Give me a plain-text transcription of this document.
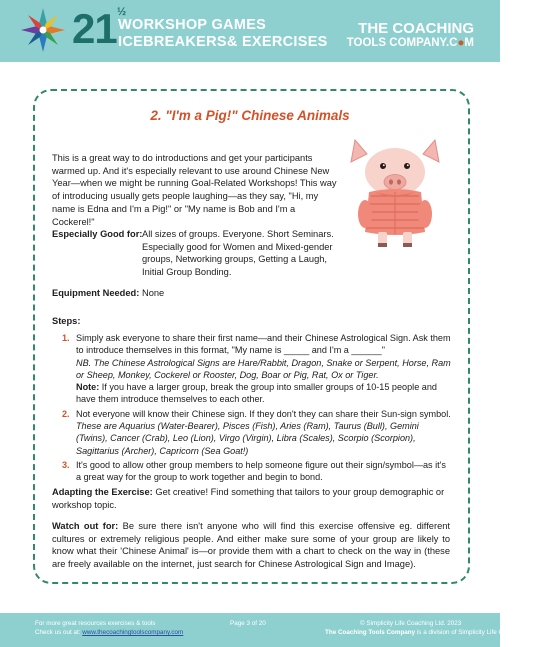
21 ½
WORKSHOP GAMES
ICEBREAKERS& EXERCISES
THE COACHING
TOOLS COMPANY.C●M
2. "I'm a Pig!" Chinese Animals
This is a great way to do introductions and get your participants warmed up. And it's especially relevant to use around Chinese New Year—when we might be running Goal-Related Workshops! This way of introducing usually gets people laughing—as they say, "Hi, my name is Edna and I'm a Pig!" or "My name is Bob and I'm a Cockerel!"
Especially Good for: All sizes of groups. Everyone. Short Seminars. Especially good for Women and Mixed-gender groups, Networking groups, Getting a Laugh, Initial Group Bonding.
Equipment Needed: None
Steps:
1. Simply ask everyone to share their first name—and their Chinese Astrological Sign. Ask them to introduce themselves in this format, "My name is _____ and I'm a ______"
NB. The Chinese Astrological Signs are Hare/Rabbit, Dragon, Snake or Serpent, Horse, Ram or Sheep, Monkey, Cockerel or Rooster, Dog, Boar or Pig, Rat, Ox or Tiger.
Note: If you have a larger group, break the group into smaller groups of 10-15 people and have them introduce themselves to each other.
2. Not everyone will know their Chinese sign. If they don't they can share their Sun-sign symbol.
These are Aquarius (Water-Bearer), Pisces (Fish), Aries (Ram), Taurus (Bull), Gemini (Twins), Cancer (Crab), Leo (Lion), Virgo (Virgin), Libra (Scales), Scorpio (Scorpion), Sagittarius (Archer), Capricorn (Sea Goat!)
3. It's good to allow other group members to help someone figure out their sign/symbol—as it's a great way for the group to work together and begin to bond.
Adapting the Exercise: Get creative! Find something that tailors to your group demographic or workshop topic.
Watch out for: Be sure there isn't anyone who will find this exercise offensive eg. different cultures or extremely religious people. And either make sure some of your group are likely to know what their 'Chinese Animal' is—or provide them with a chart to check on the way in (these are freely available on the internet, just search for Chinese Astrological Sign and Image).
For more great resources exercises & tools
Check us out at: www.thecoachingtoolscompany.com
Page 3 of 20	© Simplicity Life Coaching Ltd. 2023
The Coaching Tools Company is a division of Simplicity Life Coaching Ltd.
